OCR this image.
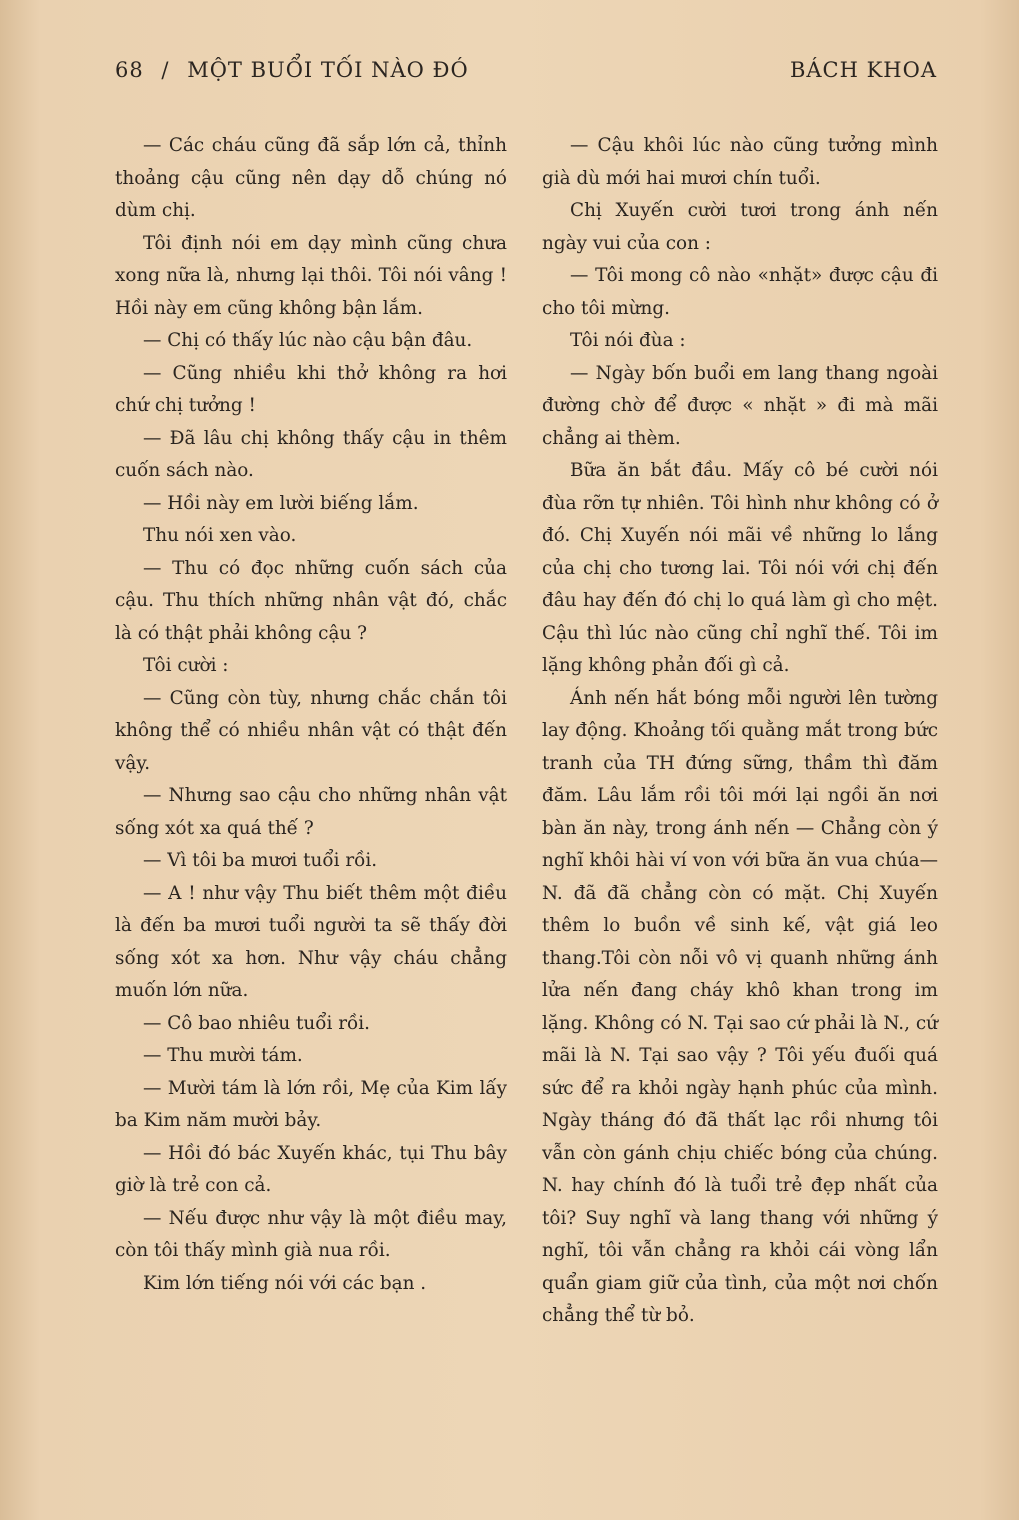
68 / MỘT BUỔI TỐI NÀO ĐÓ	BÁCH KHOA

— Các cháu cũng đã sắp lớn cả, thỉnh thoảng cậu cũng nên dạy dỗ chúng nó dùm chị.

Tôi định nói em dạy mình cũng chưa xong nữa là, nhưng lại thôi. Tôi nói vâng ! Hồi này em cũng không bận lắm.

— Chị có thấy lúc nào cậu bận đâu.

— Cũng nhiều khi thở không ra hơi chứ chị tưởng !

— Đã lâu chị không thấy cậu in thêm cuốn sách nào.

— Hồi này em lười biếng lắm.

Thu nói xen vào.

— Thu có đọc những cuốn sách của cậu. Thu thích những nhân vật đó, chắc là có thật phải không cậu ?

Tôi cười :

— Cũng còn tùy, nhưng chắc chắn tôi không thể có nhiều nhân vật có thật đến vậy.

— Nhưng sao cậu cho những nhân vật sống xót xa quá thế ?

— Vì tôi ba mươi tuổi rồi.

— A ! như vậy Thu biết thêm một điều là đến ba mươi tuổi người ta sẽ thấy đời sống xót xa hơn. Như vậy cháu chẳng muốn lớn nữa.

— Cô bao nhiêu tuổi rồi.

— Thu mười tám.

— Mười tám là lớn rồi, Mẹ của Kim lấy ba Kim năm mười bảy.

— Hồi đó bác Xuyến khác, tụi Thu bây giờ là trẻ con cả.

— Nếu được như vậy là một điều may, còn tôi thấy mình già nua rồi.

Kim lớn tiếng nói với các bạn .

— Cậu khôi lúc nào cũng tưởng mình già dù mới hai mươi chín tuổi.

Chị Xuyến cười tươi trong ánh nến ngày vui của con :

— Tôi mong cô nào «nhặt» được cậu đi cho tôi mừng.

Tôi nói đùa :

— Ngày bốn buổi em lang thang ngoài đường chờ để được « nhặt » đi mà mãi chẳng ai thèm.

Bữa ăn bắt đầu. Mấy cô bé cười nói đùa rỡn tự nhiên. Tôi hình như không có ở đó. Chị Xuyến nói mãi về những lo lắng của chị cho tương lai. Tôi nói với chị đến đâu hay đến đó chị lo quá làm gì cho mệt. Cậu thì lúc nào cũng chỉ nghĩ thế. Tôi im lặng không phản đối gì cả.

Ánh nến hắt bóng mỗi người lên tường lay động. Khoảng tối quằng mắt trong bức tranh của TH đứng sững, thầm thì đăm đăm. Lâu lắm rồi tôi mới lại ngồi ăn nơi bàn ăn này, trong ánh nến — Chẳng còn ý nghĩ khôi hài ví von với bữa ăn vua chúa—N. đã đã chẳng còn có mặt. Chị Xuyến thêm lo buồn về sinh kế, vật giá leo thang.Tôi còn nỗi vô vị quanh những ánh lửa nến đang cháy khô khan trong im lặng. Không có N. Tại sao cứ phải là N., cứ mãi là N. Tại sao vậy ? Tôi yếu đuối quá sức để ra khỏi ngày hạnh phúc của mình. Ngày tháng đó đã thất lạc rồi nhưng tôi vẫn còn gánh chịu chiếc bóng của chúng. N. hay chính đó là tuổi trẻ đẹp nhất của tôi? Suy nghĩ và lang thang với những ý nghĩ, tôi vẫn chẳng ra khỏi cái vòng lẩn quẩn giam giữ của tình, của một nơi chốn chẳng thể từ bỏ.
